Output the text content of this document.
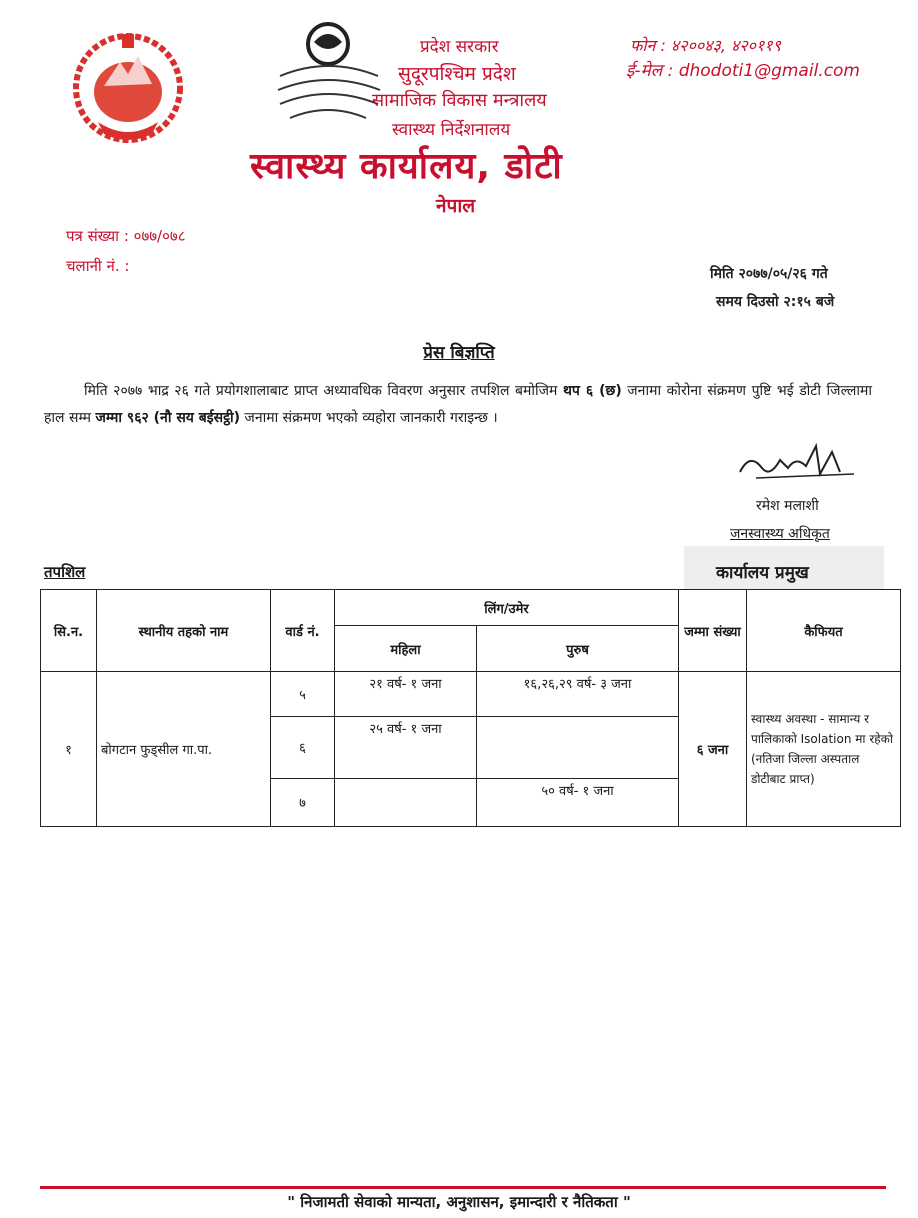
प्रदेश सरकार
सुदूरपश्चिम प्रदेश
सामाजिक विकास मन्त्रालय
स्वास्थ्य निर्देशनालय
स्वास्थ्य कार्यालय, डोटी
नेपाल
फोन : ४२००४३, ४२०११९
ई-मेल : dhodoti1@gmail.com
पत्र संख्या : ०७७/०७८
चलानी नं. :	मिति २०७७/०५/२६ गते
समय दिउसो २:१५ बजे
प्रेस बिज्ञप्ति
मिति २०७७ भाद्र २६ गते प्रयोगशालाबाट प्राप्त अध्यावधिक विवरण अनुसार तपशिल बमोजिम थप ६ (छ) जनामा कोरोना संक्रमण पुष्टि भई डोटी जिल्लामा हाल सम्म जम्मा ९६२ (नौ सय बईसट्ठी) जनामा संक्रमण भएको व्यहोरा जानकारी गराइन्छ ।
रमेश मलाशी
जनस्वास्थ्य अधिकृत
कार्यालय प्रमुख
तपशिल
सि.न.	स्थानीय तहको नाम	वार्ड नं.	लिंग/उमेर		जम्मा संख्या	कैफियत
			महिला	पुरुष		
१	बोगटान फुड्सील गा.पा.	५	२१ वर्ष- १ जना	१६,२६,२९ वर्ष- ३ जना	६ जना	स्वास्थ्य अवस्था - सामान्य र पालिकाको Isolation मा रहेको (नतिजा जिल्ला अस्पताल डोटीबाट प्राप्त)
		६	२५ वर्ष- १ जना			
		७		५० वर्ष- १ जना		
" निजामती सेवाको मान्यता, अनुशासन, इमान्दारी र नैतिकता "
